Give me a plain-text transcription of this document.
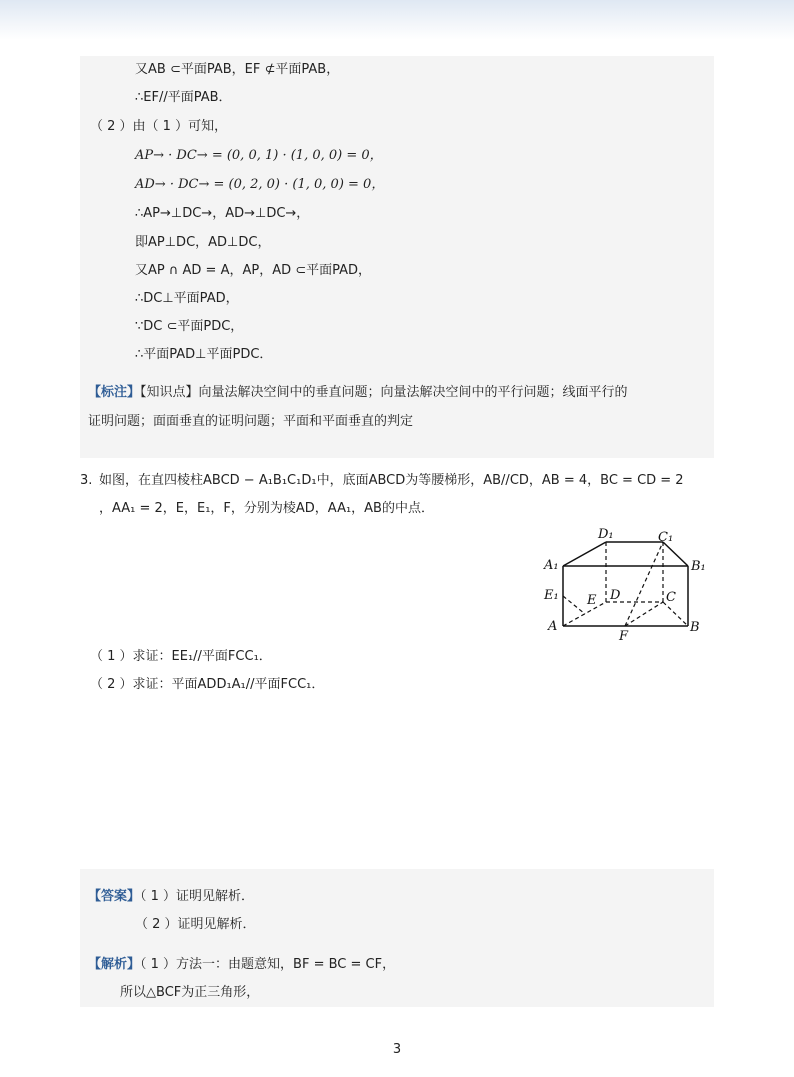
又AB ⊂平面PAB，EF ⊄平面PAB，
∴EF//平面PAB．
（ 2 ）由（ 1 ）可知，
AP→ · DC→ = (0, 0, 1) · (1, 0, 0) = 0，
AD→ · DC→ = (0, 2, 0) · (1, 0, 0) = 0，
∴AP→⊥DC→，AD→⊥DC→，
即AP⊥DC，AD⊥DC，
又AP ∩ AD = A，AP，AD ⊂平面PAD，
∴DC⊥平面PAD，
∵DC ⊂平面PDC，
∴平面PAD⊥平面PDC．
【标注】【知识点】向量法解决空间中的垂直问题；向量法解决空间中的平行问题；线面平行的
证明问题；面面垂直的证明问题；平面和平面垂直的判定
3. 如图，在直四棱柱ABCD − A₁B₁C₁D₁中，底面ABCD为等腰梯形，AB//CD，AB = 4，BC = CD = 2
，AA₁ = 2，E，E₁，F，分别为棱AD，AA₁，AB的中点．
D₁	C₁
A₁	B₁
E₁ E D	C
A	B
F
（ 1 ）求证：EE₁//平面FCC₁．
（ 2 ）求证：平面ADD₁A₁//平面FCC₁．
【答案】（ 1 ）证明见解析．
（ 2 ）证明见解析．
【解析】（ 1 ）方法一：由题意知，BF = BC = CF，
所以△BCF为正三角形，
3
